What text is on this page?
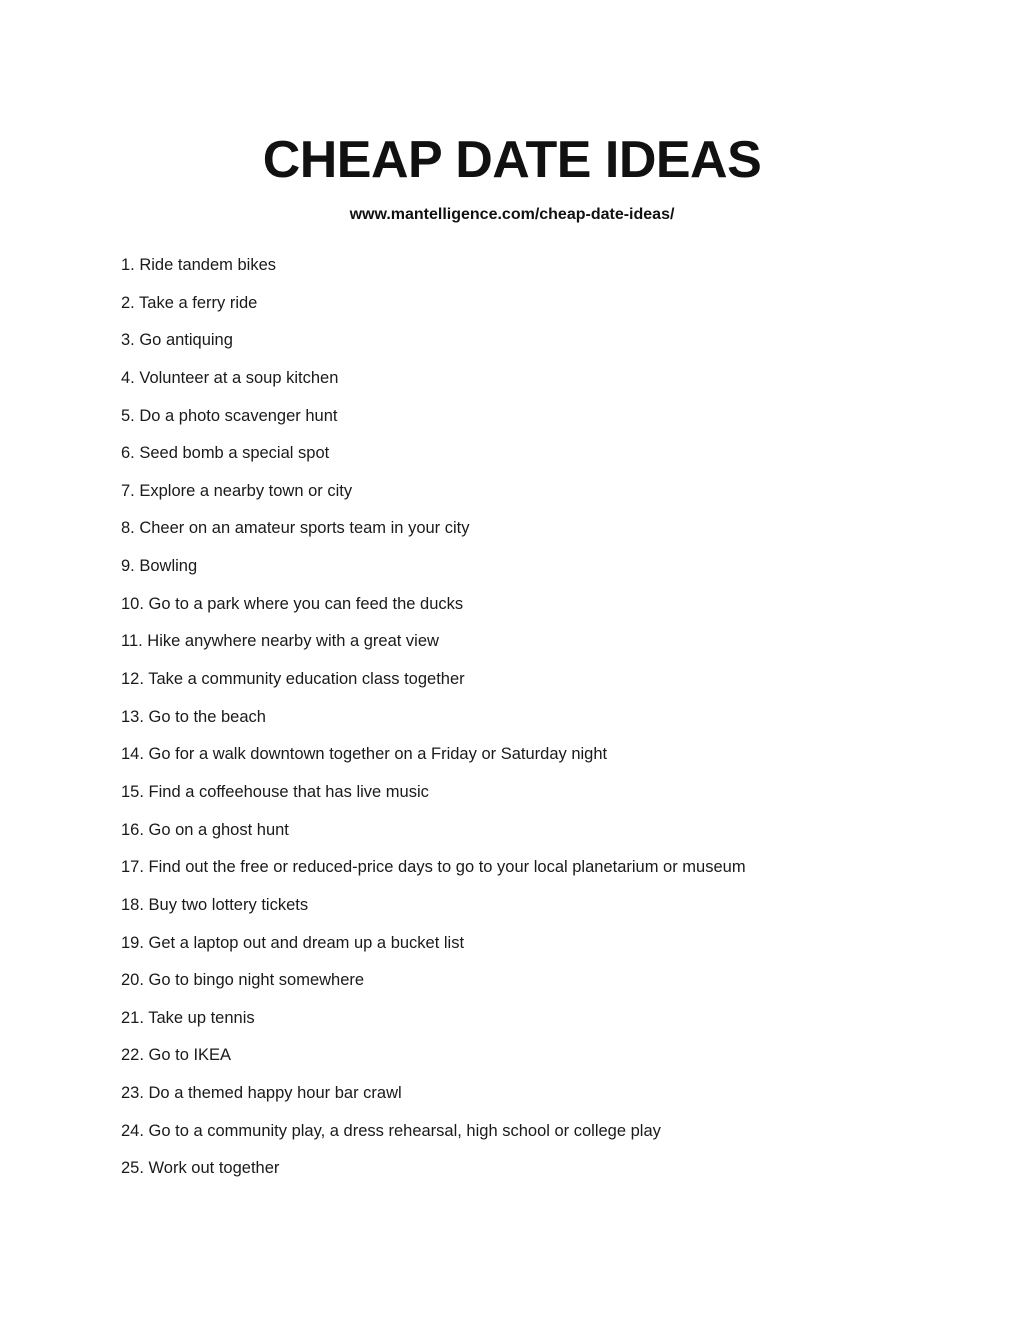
CHEAP DATE IDEAS
www.mantelligence.com/cheap-date-ideas/
1. Ride tandem bikes
2. Take a ferry ride
3. Go antiquing
4. Volunteer at a soup kitchen
5. Do a photo scavenger hunt
6. Seed bomb a special spot
7. Explore a nearby town or city
8. Cheer on an amateur sports team in your city
9. Bowling
10. Go to a park where you can feed the ducks
11. Hike anywhere nearby with a great view
12. Take a community education class together
13. Go to the beach
14. Go for a walk downtown together on a Friday or Saturday night
15. Find a coffeehouse that has live music
16. Go on a ghost hunt
17. Find out the free or reduced-price days to go to your local planetarium or museum
18. Buy two lottery tickets
19. Get a laptop out and dream up a bucket list
20. Go to bingo night somewhere
21. Take up tennis
22. Go to IKEA
23. Do a themed happy hour bar crawl
24. Go to a community play, a dress rehearsal, high school or college play
25. Work out together
